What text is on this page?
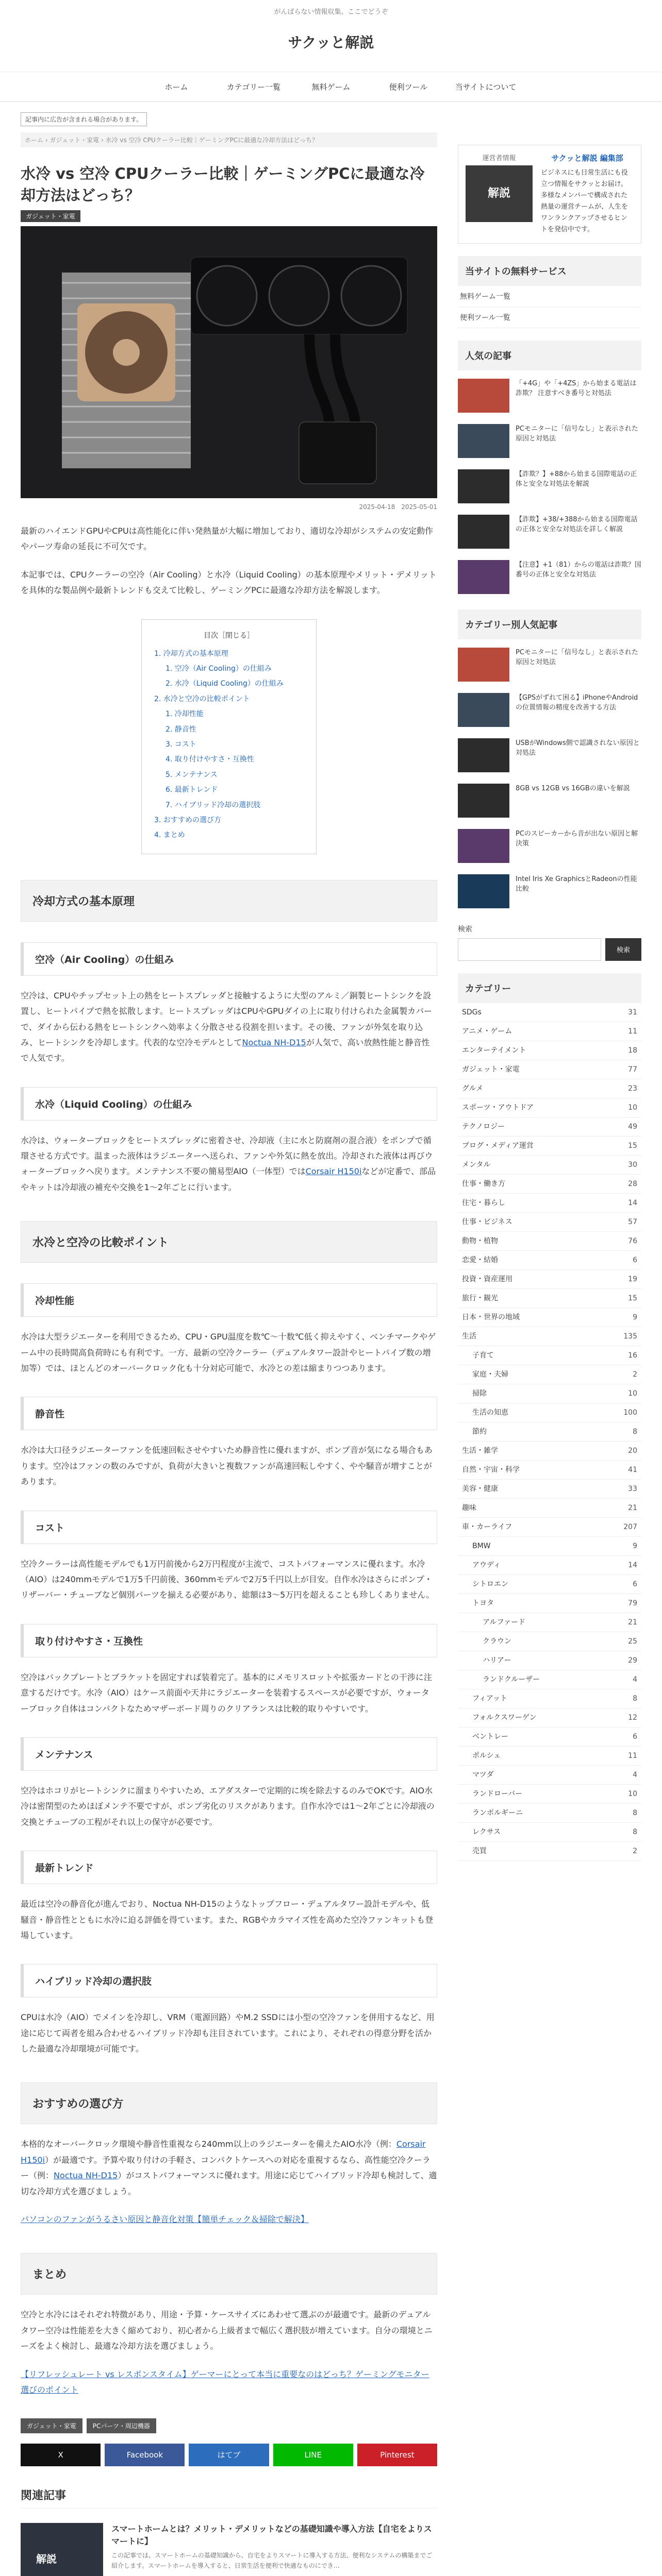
がんばらない情報収集、ここでどうぞ
サクッと解説
ホーム	カテゴリー一覧	無料ゲーム	便利ツール	当サイトについて
記事内に広告が含まれる場合があります。
ホーム › ガジェット・家電 › 水冷 vs 空冷 CPUクーラー比較｜ゲーミングPCに最適な冷却方法はどっち？
水冷 vs 空冷 CPUクーラー比較｜ゲーミングPCに最適な冷却方法はどっち？
ガジェット・家電
2025-04-18　2025-05-01

最新のハイエンドGPUやCPUは高性能化に伴い発熱量が大幅に増加しており、適切な冷却がシステムの安定動作やパーツ寿命の延長に不可欠です。

本記事では、CPUクーラーの空冷（Air Cooling）と水冷（Liquid Cooling）の基本原理やメリット・デメリットを具体的な製品例や最新トレンドも交えて比較し、ゲーミングPCに最適な冷却方法を解説します。

目次［閉じる］
1. 冷却方式の基本原理
1. 空冷（Air Cooling）の仕組み
2. 水冷（Liquid Cooling）の仕組み
2. 水冷と空冷の比較ポイント
1. 冷却性能
2. 静音性
3. コスト
4. 取り付けやすさ・互換性
5. メンテナンス
6. 最新トレンド
7. ハイブリッド冷却の選択肢
3. おすすめの選び方
4. まとめ
冷却方式の基本原理
空冷（Air Cooling）の仕組み

空冷は、CPUやチップセット上の熱をヒートスプレッダと接触するように大型のアルミ／銅製ヒートシンクを設置し、ヒートパイプで熱を拡散します。ヒートスプレッダはCPUやGPUダイの上に取り付けられた金属製カバーで、ダイから伝わる熱をヒートシンクへ効率よく分散させる役割を担います。その後、ファンが外気を取り込み、ヒートシンクを冷却します。代表的な空冷モデルとしてNoctua NH-D15が人気で、高い放熱性能と静音性で人気です。

水冷（Liquid Cooling）の仕組み

水冷は、ウォーターブロックをヒートスプレッダに密着させ、冷却液（主に水と防腐剤の混合液）をポンプで循環させる方式です。温まった液体はラジエーターへ送られ、ファンや外気に熱を放出。冷却された液体は再びウォーターブロックへ戻ります。メンテナンス不要の簡易型AIO（一体型）ではCorsair H150iなどが定番で、部品やキットは冷却液の補充や交換を1〜2年ごとに行います。

水冷と空冷の比較ポイント
冷却性能

水冷は大型ラジエーターを利用できるため、CPU・GPU温度を数℃〜十数℃低く抑えやすく、ベンチマークやゲーム中の長時間高負荷時にも有利です。一方、最新の空冷クーラー（デュアルタワー設計やヒートパイプ数の増加等）では、ほとんどのオーバークロック化も十分対応可能で、水冷との差は縮まりつつあります。

静音性

水冷は大口径ラジエーターファンを低速回転させやすいため静音性に優れますが、ポンプ音が気になる場合もあります。空冷はファンの数のみですが、負荷が大きいと複数ファンが高速回転しやすく、やや騒音が増すことがあります。

コスト

空冷クーラーは高性能モデルでも1万円前後から2万円程度が主流で、コストパフォーマンスに優れます。水冷（AIO）は240mmモデルで1万5千円前後、360mmモデルで2万5千円以上が目安。自作水冷はさらにポンプ・リザーバー・チューブなど個別パーツを揃える必要があり、総額は3〜5万円を超えることも珍しくありません。

取り付けやすさ・互換性

空冷はバックプレートとブラケットを固定すれば装着完了。基本的にメモリスロットや拡張カードとの干渉に注意するだけです。水冷（AIO）はケース前面や天井にラジエーターを装着するスペースが必要ですが、ウォーターブロック自体はコンパクトなためマザーボード周りのクリアランスは比較的取りやすいです。

メンテナンス

空冷はホコリがヒートシンクに溜まりやすいため、エアダスターで定期的に埃を除去するのみでOKです。AIO水冷は密閉型のためほぼメンテ不要ですが、ポンプ劣化のリスクがあります。自作水冷では1〜2年ごとに冷却液の交換とチューブの工程がそれ以上の保守が必要です。

最新トレンド

最近は空冷の静音化が進んでおり、Noctua NH-D15のようなトップフロー・デュアルタワー設計モデルや、低騒音・静音性とともに水冷に迫る評価を得ています。また、RGBやカラマイズ性を高めた空冷ファンキットも登場しています。

ハイブリッド冷却の選択肢

CPUは水冷（AIO）でメインを冷却し、VRM（電源回路）やM.2 SSDには小型の空冷ファンを併用するなど、用途に応じて両者を組み合わせるハイブリッド冷却も注目されています。これにより、それぞれの得意分野を活かした最適な冷却環境が可能です。

おすすめの選び方

本格的なオーバークロック環境や静音性重視なら240mm以上のラジエーターを備えたAIO水冷（例：Corsair H150i）が最適です。予算や取り付けの手軽さ、コンパクトケースへの対応を重視するなら、高性能空冷クーラー（例：Noctua NH-D15）がコストパフォーマンスに優れます。用途に応じてハイブリッド冷却も検討して、適切な冷却方式を選びましょう。

パソコンのファンがうるさい原因と静音化対策【簡単チェック＆掃除で解決】

まとめ

空冷と水冷にはそれぞれ特徴があり、用途・予算・ケースサイズにあわせて選ぶのが最適です。最新のデュアルタワー空冷は性能差を大きく縮めており、初心者から上級者まで幅広く選択肢が増えています。自分の環境とニーズをよく検討し、最適な冷却方法を選びましょう。

【リフレッシュレート vs レスポンスタイム】ゲーマーにとって本当に重要なのはどっち？ゲーミングモニター選びのポイント

ガジェット・家電	PCパーツ・周辺機器
X	Facebook	はてブ	LINE	Pinterest
関連記事
解説
スマートホームとは？メリット・デメリットなどの基礎知識や導入方法【自宅をよりスマートに】
この記事では、スマートホームの基礎知識から、自宅をよりスマートに導入する方法、便利なシステムの構築までご紹介します。スマートホームを導入すると、日常生活を便利で快適なものにでき…
運営者情報
解説
サクッと解説 編集部
ビジネスにも日常生活にも役立つ情報をサクッとお届け。多様なメンバーで構成された熱量の運営チームが、人生をワンランクアップさせるヒントを発信中です。
当サイトの無料サービス
無料ゲーム一覧
便利ツール一覧
人気の記事
「+4G」や「+4ZS」から始まる電話は詐欺？ 注意すべき番号と対処法
PCモニターに「信号なし」と表示された原因と対処法
【詐欺？】+88から始まる国際電話の正体と安全な対処法を解説
【詐欺】+38/+388から始まる国際電話の正体と安全な対処法を詳しく解説
【注意】+1（81）からの電話は詐欺？国番号の正体と安全な対処法
カテゴリー別人気記事
PCモニターに「信号なし」と表示された原因と対処法
【GPSがずれて困る】iPhoneやAndroidの位置情報の精度を改善する方法
USBがWindows側で認識されない原因と対処法
8GB vs 12GB vs 16GBの違いを解説
PCのスピーカーから音が出ない原因と解決策
Intel Iris Xe GraphicsとRadeonの性能比較
検索
検索
カテゴリー
SDGs	31
アニメ・ゲーム	11
エンターテイメント	18
ガジェット・家電	77
グルメ	23
スポーツ・アウトドア	10
テクノロジー	49
ブログ・メディア運営	15
メンタル	30
仕事・働き方	28
住宅・暮らし	14
仕事・ビジネス	57
動物・植物	76
恋愛・結婚	6
投資・資産運用	19
旅行・観光	15
日本・世界の地域	9
生活	135
子育て	16
家庭・夫婦	2
掃除	10
生活の知恵	100
節約	8
生活・雑学	20
自然・宇宙・科学	41
美容・健康	33
趣味	21
車・カーライフ	207
BMW	9
アウディ	14
シトロエン	6
トヨタ	79
アルファード	21
クラウン	25
ハリアー	29
ランドクルーザー	4
フィアット	8
フォルクスワーゲン	12
ベントレー	6
ポルシェ	11
マツダ	4
ランドローバー	10
ランボルギーニ	8
レクサス	8
売買	2
